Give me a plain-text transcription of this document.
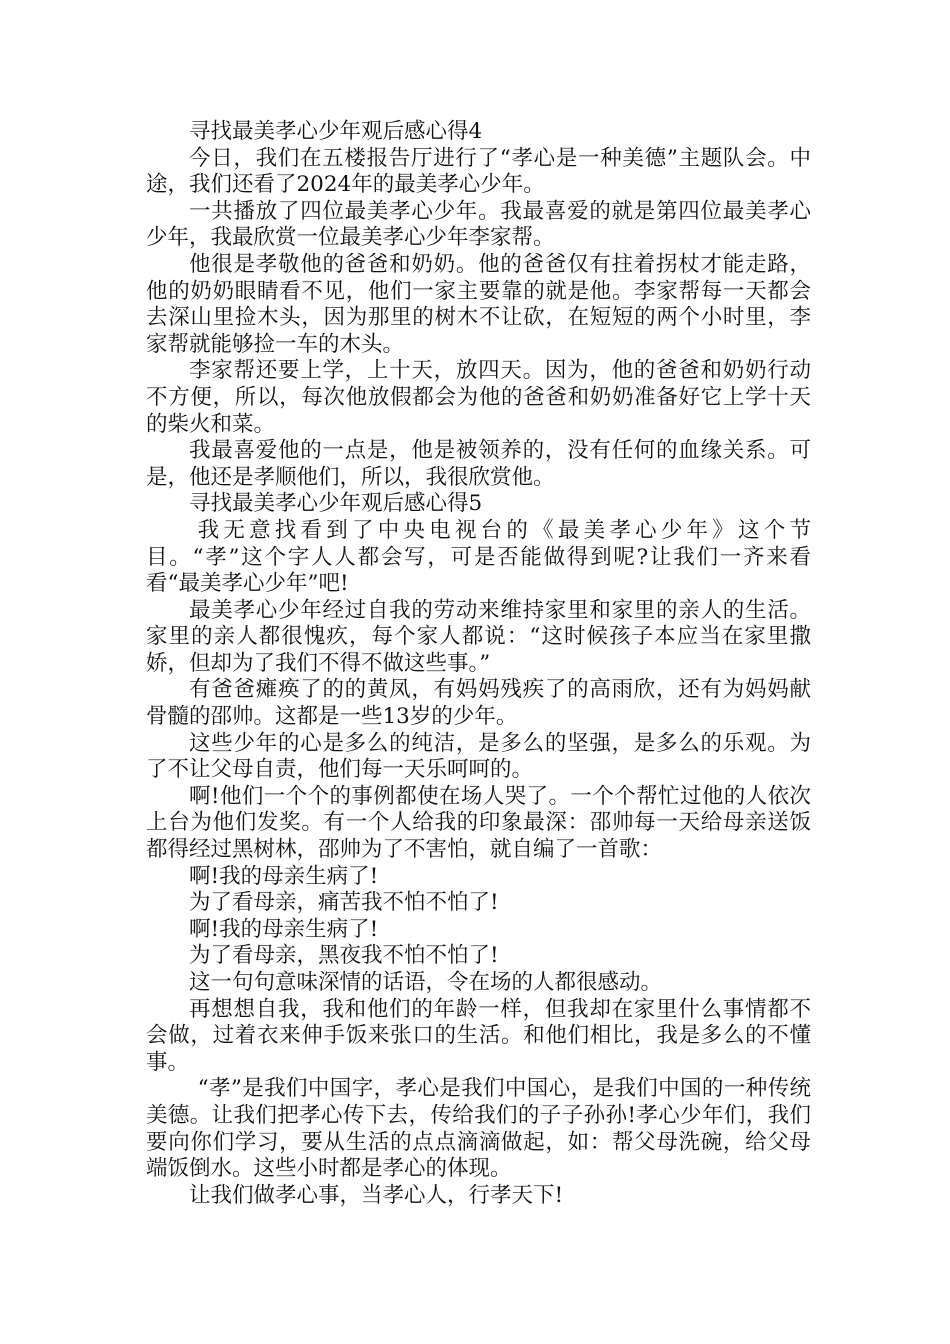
寻找最美孝心少年观后感心得4

今日，我们在五楼报告厅进行了“孝心是一种美德”主题队会。中途，我们还看了2024年的最美孝心少年。

一共播放了四位最美孝心少年。我最喜爱的就是第四位最美孝心少年，我最欣赏一位最美孝心少年李家帮。

他很是孝敬他的爸爸和奶奶。他的爸爸仅有拄着拐杖才能走路，他的奶奶眼睛看不见，他们一家主要靠的就是他。李家帮每一天都会去深山里捡木头，因为那里的树木不让砍，在短短的两个小时里，李家帮就能够捡一车的木头。

李家帮还要上学，上十天，放四天。因为，他的爸爸和奶奶行动不方便，所以，每次他放假都会为他的爸爸和奶奶准备好它上学十天的柴火和菜。

我最喜爱他的一点是，他是被领养的，没有任何的血缘关系。可是，他还是孝顺他们，所以，我很欣赏他。

寻找最美孝心少年观后感心得5

我无意找看到了中央电视台的《最美孝心少年》这个节目。“孝”这个字人人都会写，可是否能做得到呢?让我们一齐来看看“最美孝心少年”吧!

最美孝心少年经过自我的劳动来维持家里和家里的亲人的生活。家里的亲人都很愧疚，每个家人都说：“这时候孩子本应当在家里撒娇，但却为了我们不得不做这些事。”

有爸爸瘫痪了的的黄凤，有妈妈残疾了的高雨欣，还有为妈妈献骨髓的邵帅。这都是一些13岁的少年。

这些少年的心是多么的纯洁，是多么的坚强，是多么的乐观。为了不让父母自责，他们每一天乐呵呵的。

啊!他们一个个的事例都使在场人哭了。一个个帮忙过他的人依次上台为他们发奖。有一个人给我的印象最深：邵帅每一天给母亲送饭都得经过黑树林，邵帅为了不害怕，就自编了一首歌：

啊!我的母亲生病了!

为了看母亲，痛苦我不怕不怕了!

啊!我的母亲生病了!

为了看母亲，黑夜我不怕不怕了!

这一句句意味深情的话语，令在场的人都很感动。

再想想自我，我和他们的年龄一样，但我却在家里什么事情都不会做，过着衣来伸手饭来张口的生活。和他们相比，我是多么的不懂事。

“孝”是我们中国字，孝心是我们中国心，是我们中国的一种传统美德。让我们把孝心传下去，传给我们的子子孙孙!孝心少年们，我们要向你们学习，要从生活的点点滴滴做起，如：帮父母洗碗，给父母端饭倒水。这些小时都是孝心的体现。

让我们做孝心事，当孝心人，行孝天下!
